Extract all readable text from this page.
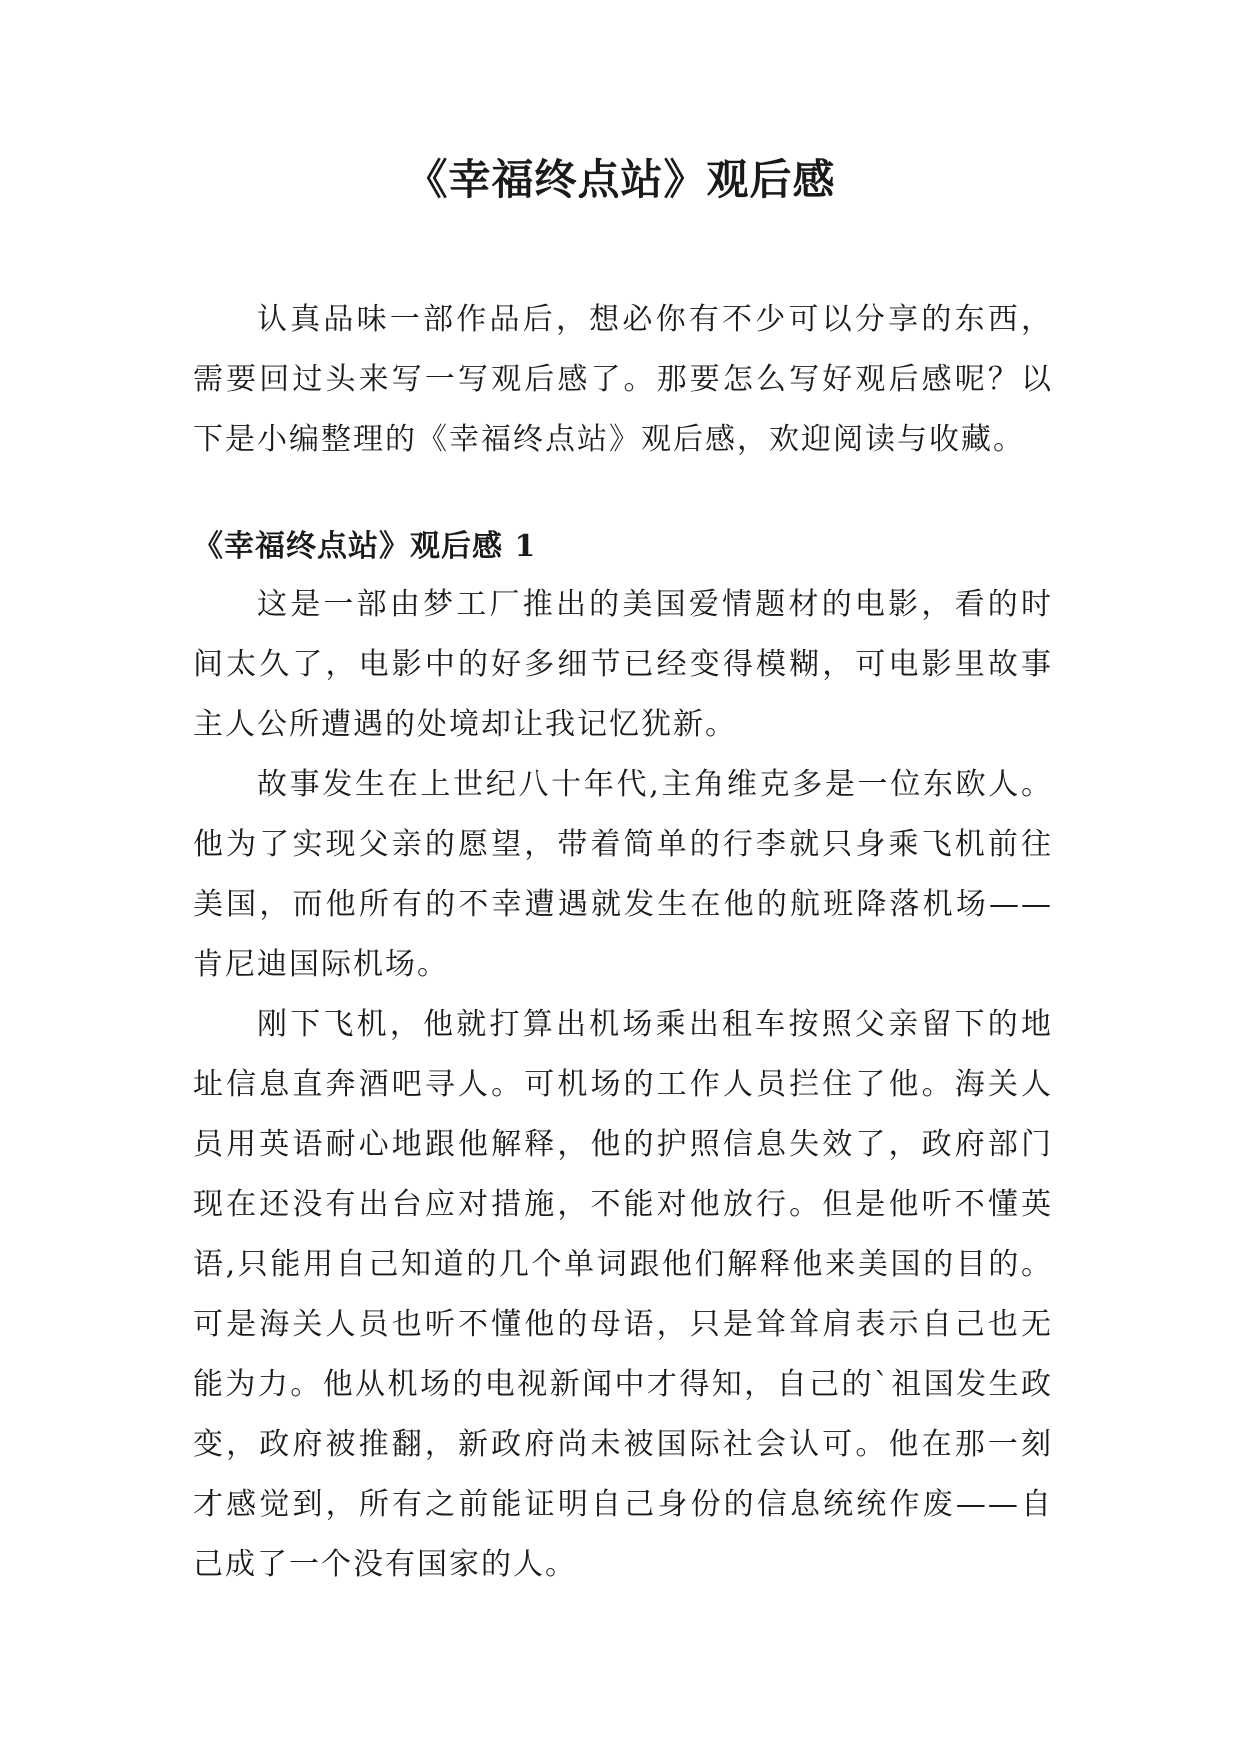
《幸福终点站》观后感

认真品味一部作品后，想必你有不少可以分享的东西，需要回过头来写一写观后感了。那要怎么写好观后感呢？以下是小编整理的《幸福终点站》观后感，欢迎阅读与收藏。

《幸福终点站》观后感 1

这是一部由梦工厂推出的美国爱情题材的电影，看的时间太久了，电影中的好多细节已经变得模糊，可电影里故事主人公所遭遇的处境却让我记忆犹新。

故事发生在上世纪八十年代,主角维克多是一位东欧人。他为了实现父亲的愿望，带着简单的行李就只身乘飞机前往美国，而他所有的不幸遭遇就发生在他的航班降落机场——肯尼迪国际机场。

刚下飞机，他就打算出机场乘出租车按照父亲留下的地址信息直奔酒吧寻人。可机场的工作人员拦住了他。海关人员用英语耐心地跟他解释，他的护照信息失效了，政府部门现在还没有出台应对措施，不能对他放行。但是他听不懂英语,只能用自己知道的几个单词跟他们解释他来美国的目的。可是海关人员也听不懂他的母语，只是耸耸肩表示自己也无能为力。他从机场的电视新闻中才得知，自己的`祖国发生政变，政府被推翻，新政府尚未被国际社会认可。他在那一刻才感觉到，所有之前能证明自己身份的信息统统作废——自己成了一个没有国家的人。
